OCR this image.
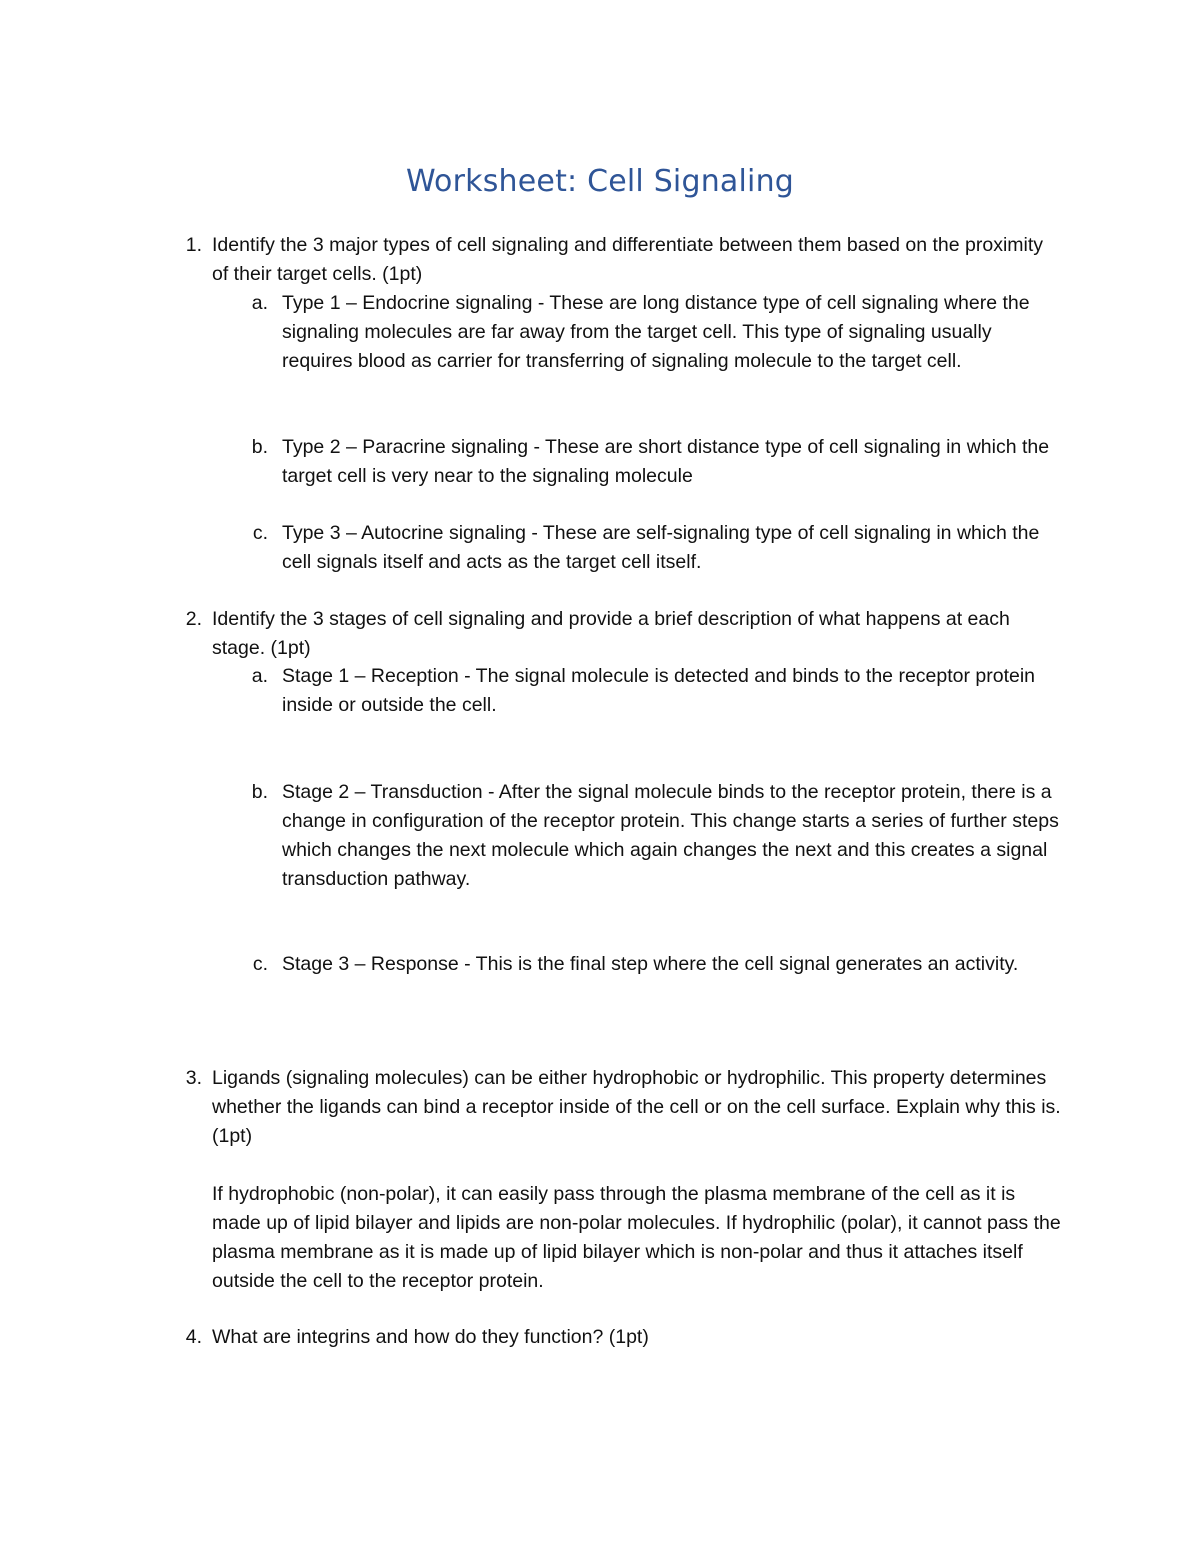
Worksheet: Cell Signaling
1. Identify the 3 major types of cell signaling and differentiate between them based on the proximity of their target cells. (1pt)
a. Type 1 – Endocrine signaling - These are long distance type of cell signaling where the signaling molecules are far away from the target cell. This type of signaling usually requires blood as carrier for transferring of signaling molecule to the target cell.
b. Type 2 – Paracrine signaling - These are short distance type of cell signaling in which the target cell is very near to the signaling molecule
c. Type 3 – Autocrine signaling - These are self-signaling type of cell signaling in which the cell signals itself and acts as the target cell itself.
2. Identify the 3 stages of cell signaling and provide a brief description of what happens at each stage. (1pt)
a. Stage 1 – Reception - The signal molecule is detected and binds to the receptor protein inside or outside the cell.
b. Stage 2 – Transduction - After the signal molecule binds to the receptor protein, there is a change in configuration of the receptor protein. This change starts a series of further steps which changes the next molecule which again changes the next and this creates a signal transduction pathway.
c. Stage 3 – Response - This is the final step where the cell signal generates an activity.
3. Ligands (signaling molecules) can be either hydrophobic or hydrophilic. This property determines whether the ligands can bind a receptor inside of the cell or on the cell surface. Explain why this is. (1pt)
If hydrophobic (non-polar), it can easily pass through the plasma membrane of the cell as it is made up of lipid bilayer and lipids are non-polar molecules. If hydrophilic (polar), it cannot pass the plasma membrane as it is made up of lipid bilayer which is non-polar and thus it attaches itself outside the cell to the receptor protein.
4. What are integrins and how do they function? (1pt)
